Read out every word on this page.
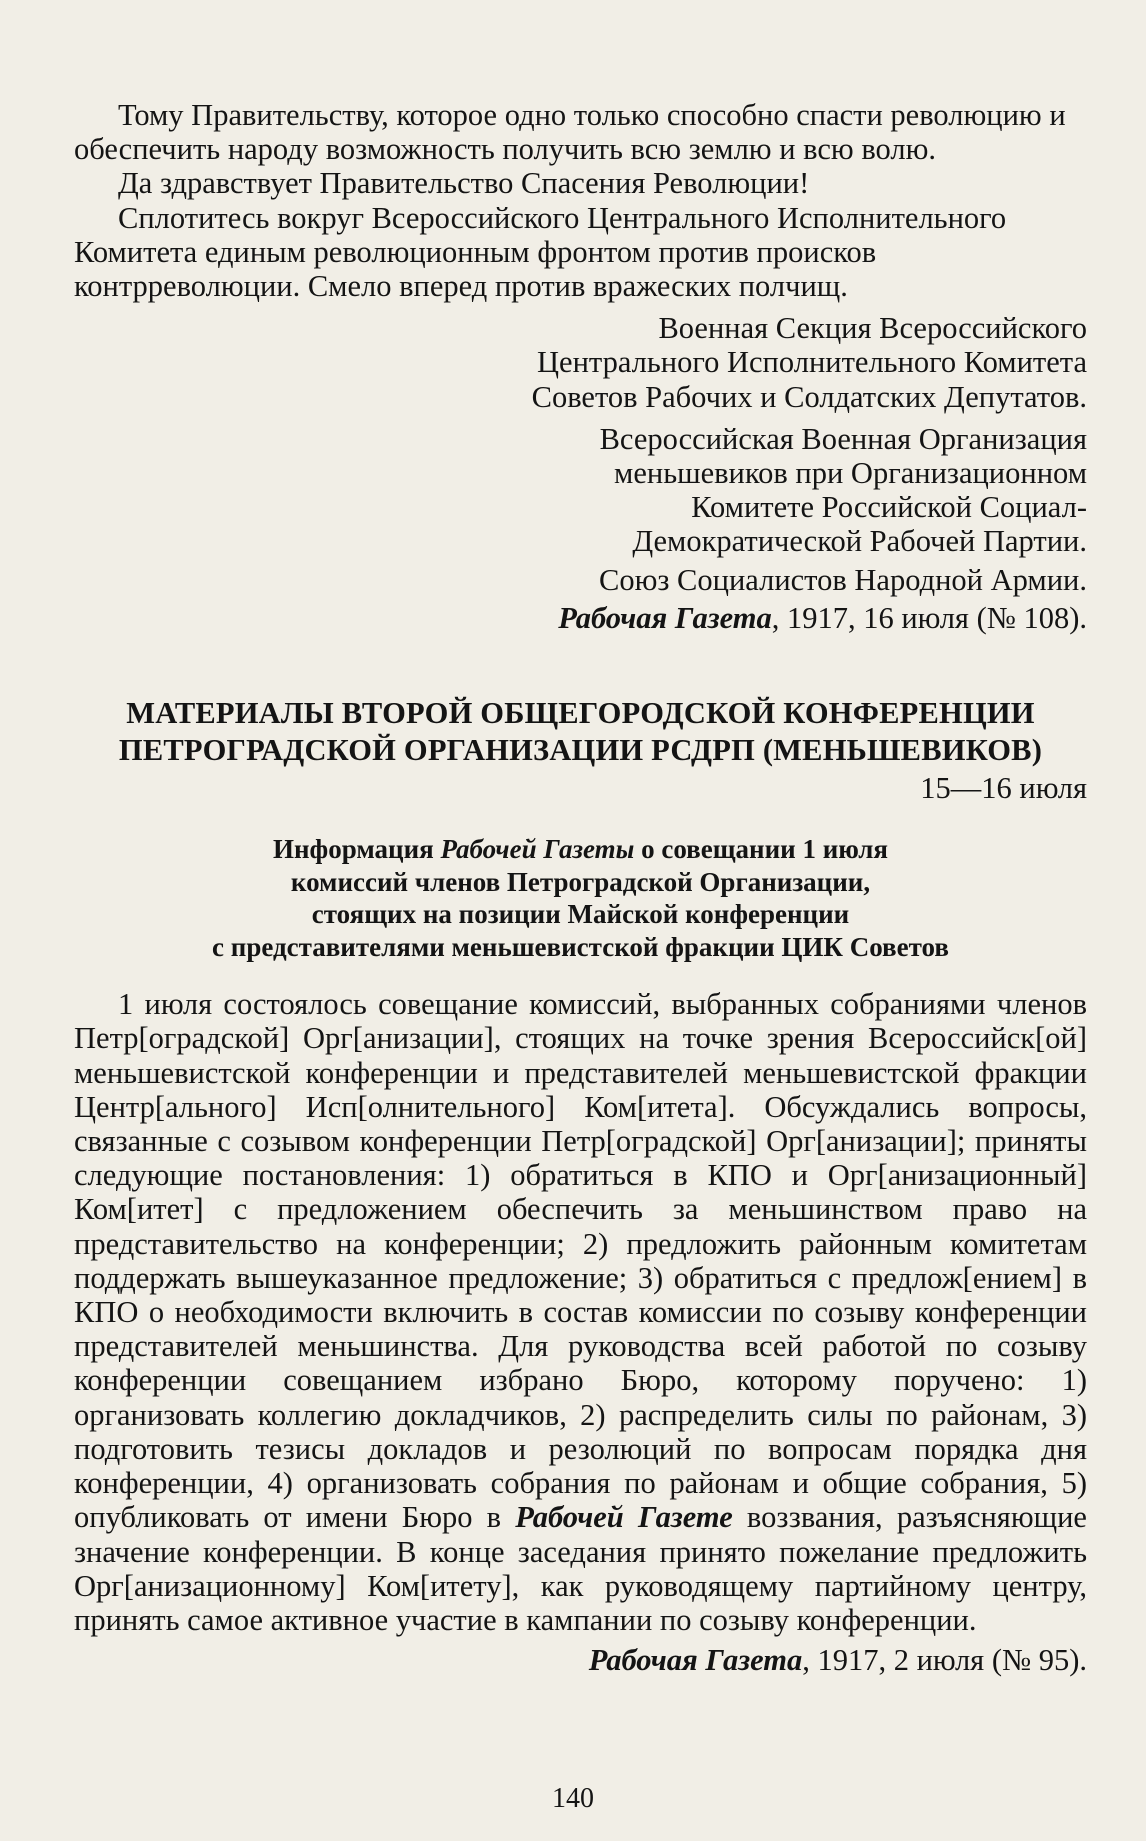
Тому Правительству, которое одно только способно спасти революцию и обеспечить народу возможность получить всю землю и всю волю.

Да здравствует Правительство Спасения Революции!

Сплотитесь вокруг Всероссийского Центрального Исполнительного Комитета единым революционным фронтом против происков контрреволюции. Смело вперед против вражеских полчищ.

Военная Секция Всероссийского
Центрального Исполнительного Комитета
Советов Рабочих и Солдатских Депутатов.
Всероссийская Военная Организация
меньшевиков при Организационном
Комитете Российской Социал-
Демократической Рабочей Партии.
Союз Социалистов Народной Армии.
Рабочая Газета, 1917, 16 июля (№ 108).
МАТЕРИАЛЫ ВТОРОЙ ОБЩЕГОРОДСКОЙ КОНФЕРЕНЦИИ
ПЕТРОГРАДСКОЙ ОРГАНИЗАЦИИ РСДРП (МЕНЬШЕВИКОВ)
15—16 июля
Информация Рабочей Газеты о совещании 1 июля
комиссий членов Петроградской Организации,
стоящих на позиции Майской конференции
с представителями меньшевистской фракции ЦИК Советов

1 июля состоялось совещание комиссий, выбранных собраниями членов Петр[оградской] Орг[анизации], стоящих на точке зрения Всероссийск[ой] меньшевистской конференции и представителей меньшевистской фракции Центр[ального] Исп[олнительного] Ком[итета]. Обсуждались вопросы, связанные с созывом конференции Петр[оградской] Орг[анизации]; приняты следующие постановления: 1) обратиться в КПО и Орг[анизационный] Ком[итет] с предложением обеспечить за меньшинством право на представительство на конференции; 2) предложить районным комитетам поддержать вышеуказанное предложение; 3) обратиться с предлож[ением] в КПО о необходимости включить в состав комиссии по созыву конференции представителей меньшинства. Для руководства всей работой по созыву конференции совещанием избрано Бюро, которому поручено: 1) организовать коллегию докладчиков, 2) распределить силы по районам, 3) подготовить тезисы докладов и резолюций по вопросам порядка дня конференции, 4) организовать собрания по районам и общие собрания, 5) опубликовать от имени Бюро в Рабочей Газете воззвания, разъясняющие значение конференции. В конце заседания принято пожелание предложить Орг[анизационному] Ком[итету], как руководящему партийному центру, принять самое активное участие в кампании по созыву конференции.

Рабочая Газета, 1917, 2 июля (№ 95).
140
